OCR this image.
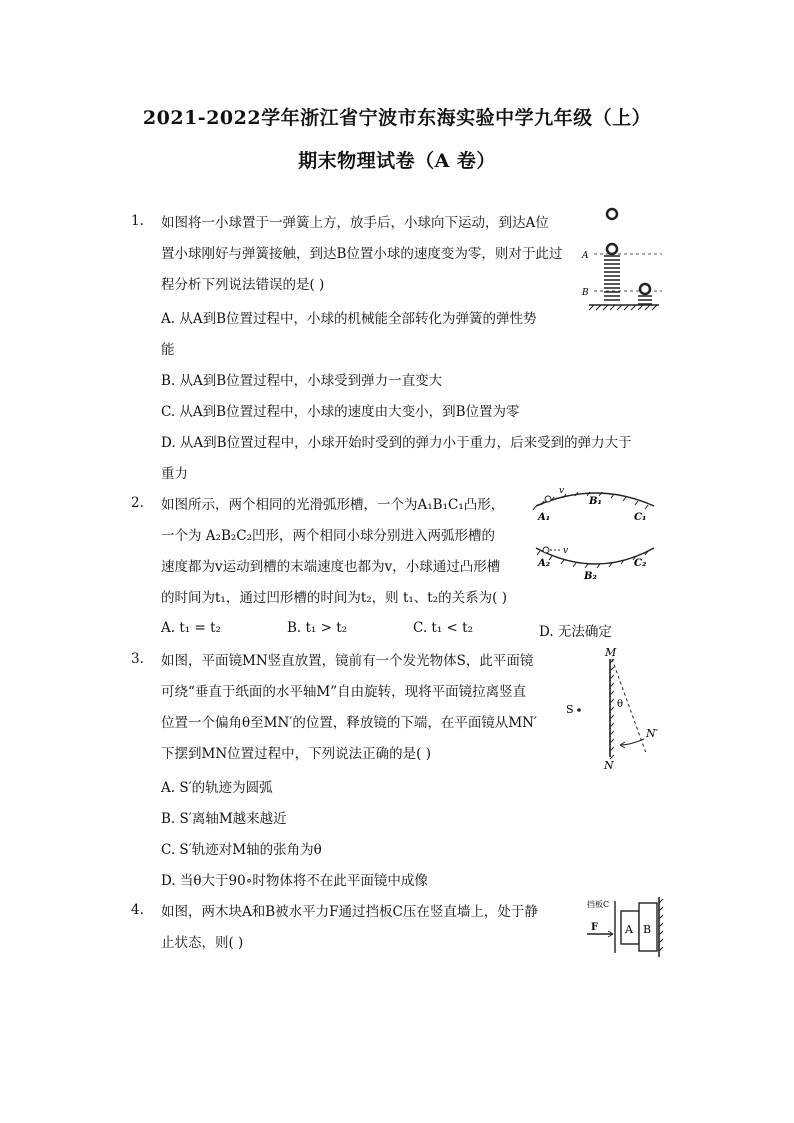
2021-2022学年浙江省宁波市东海实验中学九年级（上）
期末物理试卷（A 卷）
1. 如图将一小球置于一弹簧上方，放手后，小球向下运动，到达A位
置小球刚好与弹簧接触，到达B位置小球的速度变为零，则对于此过
程分析下列说法错误的是( )
A. 从A到B位置过程中，小球的机械能全部转化为弹簧的弹性势
能
B. 从A到B位置过程中，小球受到弹力一直变大
C. 从A到B位置过程中，小球的速度由大变小，到B位置为零
D. 从A到B位置过程中，小球开始时受到的弹力小于重力，后来受到的弹力大于
重力
A
B
2. 如图所示，两个相同的光滑弧形槽，一个为A₁B₁C₁凸形，
一个为 A₂B₂C₂凹形，两个相同小球分别进入两弧形槽的
速度都为v运动到槽的末端速度也都为v，小球通过凸形槽
的时间为t₁，通过凹形槽的时间为t₂，则 t₁、t₂的关系为( )
A. t₁ = t₂	B. t₁ > t₂	C. t₁ < t₂	D. 无法确定
v
A₁
B₁
C₁
v
A₂
B₂
C₂
3. 如图，平面镜MN竖直放置，镜前有一个发光物体S，此平面镜
可绕“垂直于纸面的水平轴M”自由旋转，现将平面镜拉离竖直
位置一个偏角θ至MN′的位置，释放镜的下端，在平面镜从MN′
下摆到MN位置过程中，下列说法正确的是( )
A. S′的轨迹为圆弧
B. S′离轴M越来越近
C. S′轨迹对M轴的张角为θ
D. 当θ大于90∘时物体将不在此平面镜中成像
M
S	θ
N′
N
4. 如图，两木块A和B被水平力F通过挡板C压在竖直墙上，处于静
止状态，则( )
挡板C
F A B
